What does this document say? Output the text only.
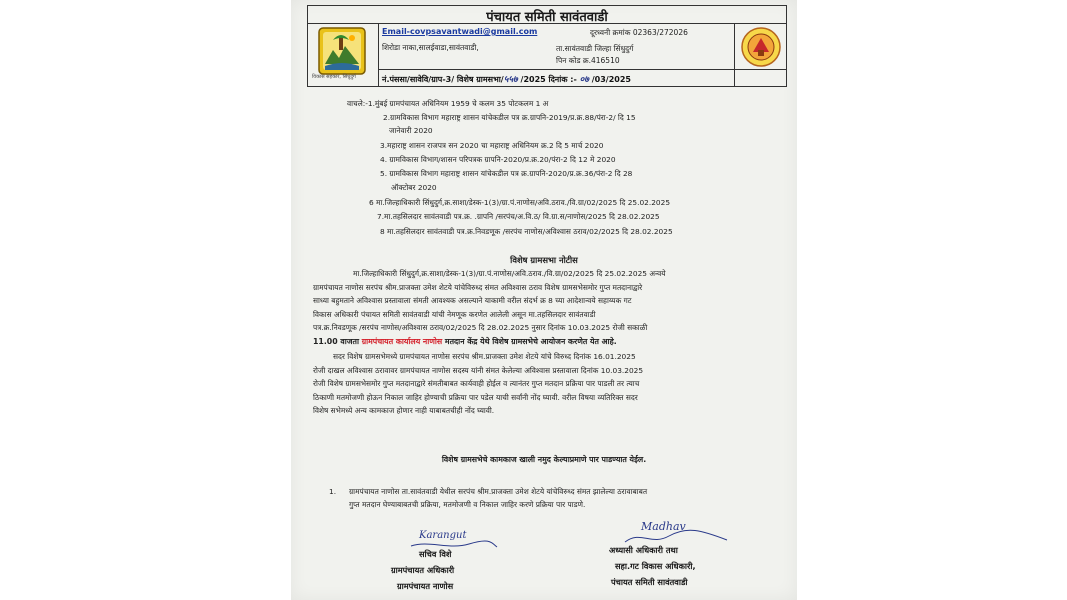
पंचायत समिती सावंतवाडी
विकास सहकार, सिंधुदुर्ग
Email-covpsavantwadi@gmail.com	दूरध्वनी क्रमांक 02363/272026
शिरोडा नाका,सालईवाडा,सावंतवाडी,	ता.सावंतवाडी जिल्हा सिंधुदुर्ग
पिन कोड क्र.416510
नं.पंससा/सावेवि/ग्राप-3/ विशेष ग्रामसभा/५५७ /2025 दिनांक :- ०७ /03/2025
वाचले:-1.मुंबई ग्रामपंचायत अधिनियम 1959 चे कलम 35 पोटकलम 1 अ
2.ग्रामविकास विभाग महाराष्ट्र शासन यांचेकडील पत्र क्र.ग्रापनि-2019/प्र.क्र.88/पंरा-2/ दि 15
जानेवारी 2020
3.महाराष्ट्र शासन राजपत्र सन 2020 चा महाराष्ट्र अधिनियम क्र.2 दि 5 मार्च 2020
4. ग्रामविकास विभाग/शासन परिपत्रक ग्रापनि-2020/प्र.क्र.20/पंरा-2 दि 12 मे 2020
5. ग्रामविकास विभाग महाराष्ट्र शासन यांचेकडील पत्र क्र.ग्रापनि-2020/प्र.क्र.36/पंरा-2 दि 28
ऑक्टोबर 2020
6 मा.जिल्हाधिकारी सिंधुदुर्ग,क्र.साशा/डेस्क-1(3)/ग्रा.पं.नाणोस/अवि.ठराव./वि.ग्रा/02/2025 दि 25.02.2025
7.मा.तहसिलदार सावंतवाडी पत्र.क्र. .ग्रापनि /सरपंच/अ.वि.ठ/ वि.ग्रा.स/नाणोस/2025 दि 28.02.2025
8 मा.तहसिलदार सावंतवाडी पत्र.क्र.निवडणूक /सरपंच नाणोस/अविश्वास ठराव/02/2025 दि 28.02.2025
विशेष ग्रामसभा नोटीस
मा.जिल्हाधिकारी सिंधुदुर्ग,क्र.साशा/डेस्क-1(3)/ग्रा.पं.नाणोस/अवि.ठराव./वि.ग्रा/02/2025 दि 25.02.2025 अन्वये
ग्रामपंचायत नाणोस सरपंच श्रीम.प्राजक्ता उमेश शेटये यांचेविरुध्द संमत अविश्वास ठराव विशेष ग्रामसभेसमोर गुप्त मतदानाद्वारे
साध्या बहुमताने अविश्वास प्रस्तावाला संमती आवश्यक असल्याने याकामी वरील संदर्भ क्र 8 च्या आदेशान्वये सहाय्यक गट
विकास अधिकारी पंचायत समिती सावंतवाडी यांची नेमणूक करणेत आलेली असून मा.तहसिलदार सावंतवाडी
पत्र.क्र.निवडणूक /सरपंच नाणोस/अविश्वास ठराव/02/2025 दि 28.02.2025 नुसार दिनांक 10.03.2025 रोजी सकाळी
11.00 वाजता ग्रामपंचायत कार्यालय नाणोस मतदान केंद्र येथे विशेष ग्रामसभेचे आयोजन करणेत येत आहे.
सदर विशेष ग्रामसभेमध्ये ग्रामपंचायत नाणोस सरपंच श्रीम.प्राजक्ता उमेश शेटये यांचे विरुध्द दिनांक 16.01.2025
रोजी दाखल अविश्वास ठरावावर ग्रामपंचायत नाणोस सदस्य यांनी संमत केलेल्या अविश्वास प्रस्तावाला दिनांक 10.03.2025
रोजी विशेष ग्रामसभेसमोर गुप्त मतदानाद्वारे संमतीबाबत कार्यवाही होईल व त्यानंतर गुप्त मतदान प्रक्रिया पार पाडली तर त्याच
ठिकाणी मतमोजणी होऊन निकाल जाहिर होण्याची प्रक्रिया पार पडेल याची सर्वांनी नोंद घ्यावी. वरील विषया व्यतिरिक्त सदर
विशेष सभेमध्ये अन्य कामकाज होणार नाही याबाबतचीही नोंद घ्यावी.
विशेष ग्रामसभेचे कामकाज खाली नमुद केल्याप्रमाणे पार पाडण्यात येईल.
1. ग्रामपंचायत नाणोस ता.सावंतवाडी येथील सरपंच श्रीम.प्राजक्ता उमेश शेटये यांचेविरुध्द संमत झालेल्या ठरावाबाबत
गुप्त मतदान घेण्याबाबतची प्रक्रिया, मतमोजणी व निकाल जाहिर करणे प्रक्रिया पार पाडणे.
Karangut
सचिव विशे
ग्रामपंचायत अधिकारी
ग्रामपंचायत नाणोस
Madhav
अध्यासी अधिकारी तथा
सहा.गट विकास अधिकारी,
पंचायत समिती सावंतवाडी
